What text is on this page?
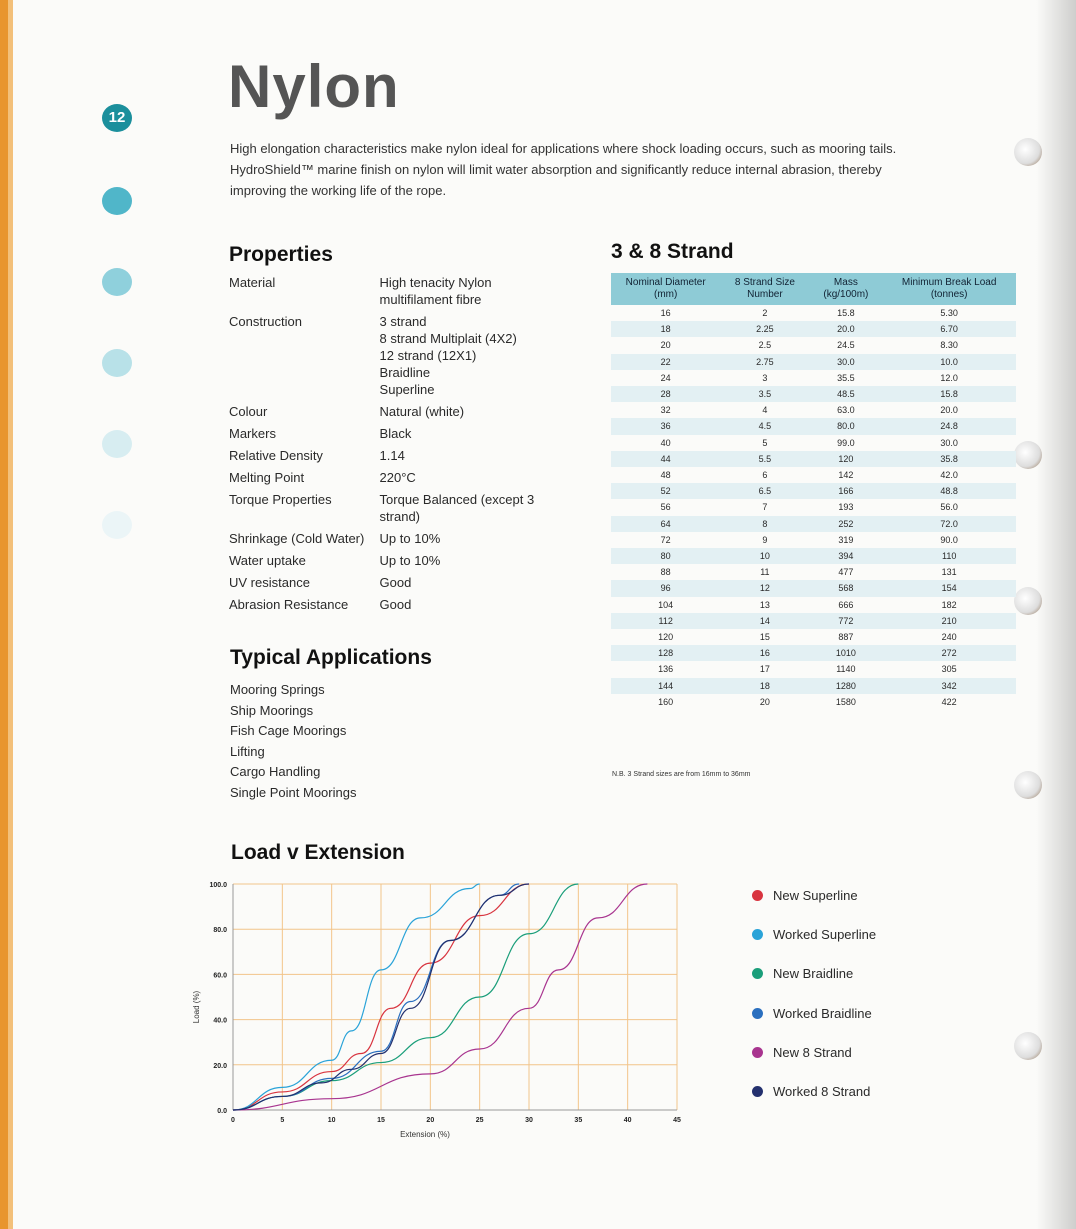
12 Nylon
High elongation characteristics make nylon ideal for applications where shock loading occurs, such as mooring tails.
HydroShield™ marine finish on nylon will limit water absorption and significantly reduce internal abrasion, thereby
improving the working life of the rope.
Properties
Material	High tenacity Nylon
multifilament fibre
Construction	3 strand
8 strand Multiplait (4X2)
12 strand (12X1)
Braidline
Superline
Colour	Natural (white)
Markers	Black
Relative Density	1.14
Melting Point	220°C
Torque Properties	Torque Balanced (except 3
strand)
Shrinkage (Cold Water)	Up to 10%
Water uptake	Up to 10%
UV resistance	Good
Abrasion Resistance	Good
Typical Applications
Mooring Springs
Ship Moorings
Fish Cage Moorings
Lifting
Cargo Handling
Single Point Moorings
3 & 8 Strand
Nominal Diameter (mm)	8 Strand Size Number	Mass (kg/100m)	Minimum Break Load (tonnes)
16	2	15.8	5.30
18	2.25	20.0	6.70
20	2.5	24.5	8.30
22	2.75	30.0	10.0
24	3	35.5	12.0
28	3.5	48.5	15.8
32	4	63.0	20.0
36	4.5	80.0	24.8
40	5	99.0	30.0
44	5.5	120	35.8
48	6	142	42.0
52	6.5	166	48.8
56	7	193	56.0
64	8	252	72.0
72	9	319	90.0
80	10	394	110
88	11	477	131
96	12	568	154
104	13	666	182
112	14	772	210
120	15	887	240
128	16	1010	272
136	17	1140	305
144	18	1280	342
160	20	1580	422
N.B. 3 Strand sizes are from 16mm to 36mm
Load v Extension
0	5	10	15	20	25	30	35	40	45
0.0
20.0
40.0
60.0
80.0
100.0
Extension (%)
Load (%)
New Superline
Worked Superline
New Braidline
Worked Braidline
New 8 Strand
Worked 8 Strand
